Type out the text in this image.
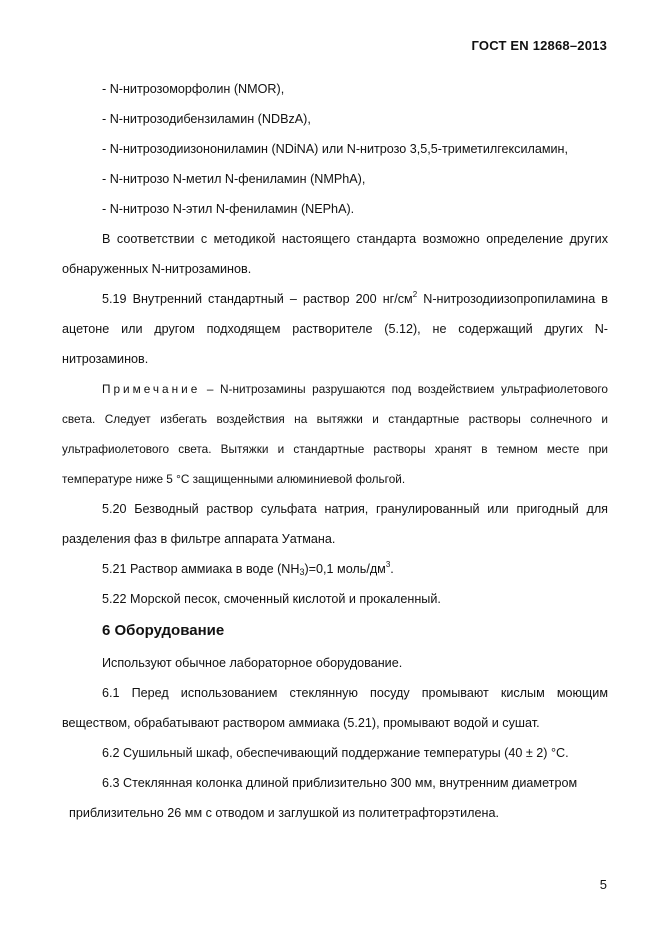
ГОСТ EN 12868–2013
- N-нитрозоморфолин (NMOR),
- N-нитрозодибензиламин (NDBzA),
- N-нитрозодиизонониламин (NDiNA) или N-нитрозо 3,5,5-триметилгексиламин,
- N-нитрозо N-метил N-фениламин (NMPhA),
- N-нитрозо N-этил N-фениламин (NEPhA).
В соответствии с методикой настоящего стандарта возможно определение других обнаруженных N-нитрозаминов.
5.19 Внутренний стандартный – раствор 200 $нг/см^2$ N-нитрозодиизопропиламина в ацетоне или другом подходящем растворителе (5.12), не содержащий других N-нитрозаминов.
Примечание – N-нитрозамины разрушаются под воздействием ультрафиолетового света. Следует избегать воздействия на вытяжки и стандартные растворы солнечного и ультрафиолетового света. Вытяжки и стандартные растворы хранят в темном месте при температуре ниже 5 °С защищенными алюминиевой фольгой.
5.20 Безводный раствор сульфата натрия, гранулированный или пригодный для разделения фаз в фильтре аппарата Уатмана.
5.21 Раствор аммиака в воде $(NH_3)=0,1$ моль/$дм^3$.
5.22 Морской песок, смоченный кислотой и прокаленный.
6 Оборудование
Используют обычное лабораторное оборудование.
6.1 Перед использованием стеклянную посуду промывают кислым моющим веществом, обрабатывают раствором аммиака (5.21), промывают водой и сушат.
6.2 Сушильный шкаф, обеспечивающий поддержание температуры (40 ± 2) °С.
6.3 Стеклянная колонка длиной приблизительно 300 мм, внутренним диаметром
приблизительно 26 мм с отводом и заглушкой из политетрафторэтилена.
5
